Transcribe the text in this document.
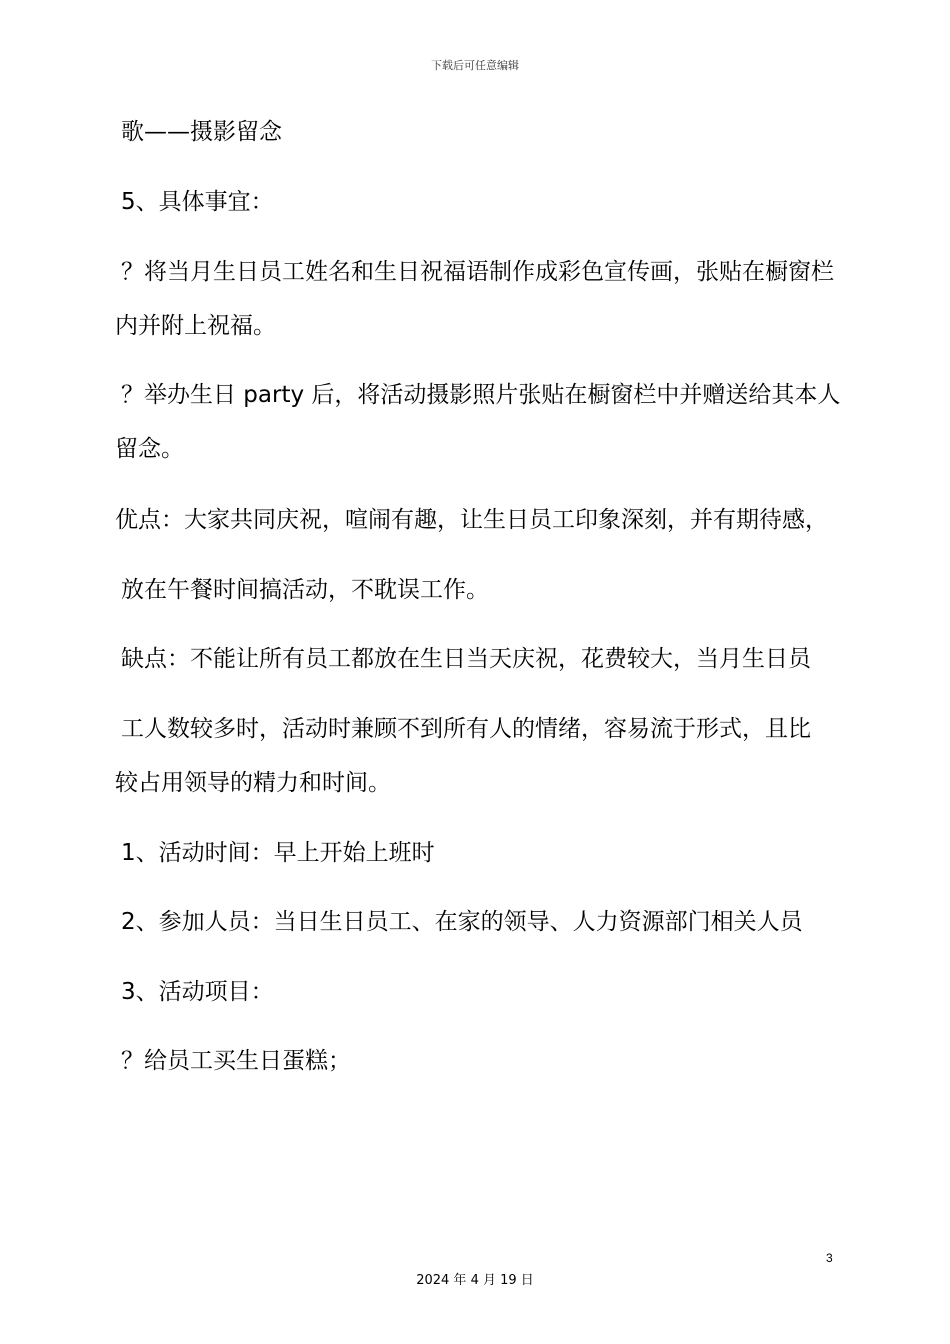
下载后可任意编辑
歌——摄影留念
5、具体事宜：
？将当月生日员工姓名和生日祝福语制作成彩色宣传画，张贴在橱窗栏
内并附上祝福。
？举办生日 party 后，将活动摄影照片张贴在橱窗栏中并赠送给其本人
留念。
优点：大家共同庆祝，喧闹有趣，让生日员工印象深刻，并有期待感，
放在午餐时间搞活动，不耽误工作。
缺点：不能让所有员工都放在生日当天庆祝，花费较大，当月生日员
工人数较多时，活动时兼顾不到所有人的情绪，容易流于形式，且比
较占用领导的精力和时间。
1、活动时间：早上开始上班时
2、参加人员：当日生日员工、在家的领导、人力资源部门相关人员
3、活动项目：
？给员工买生日蛋糕；
3
2024 年 4 月 19 日
